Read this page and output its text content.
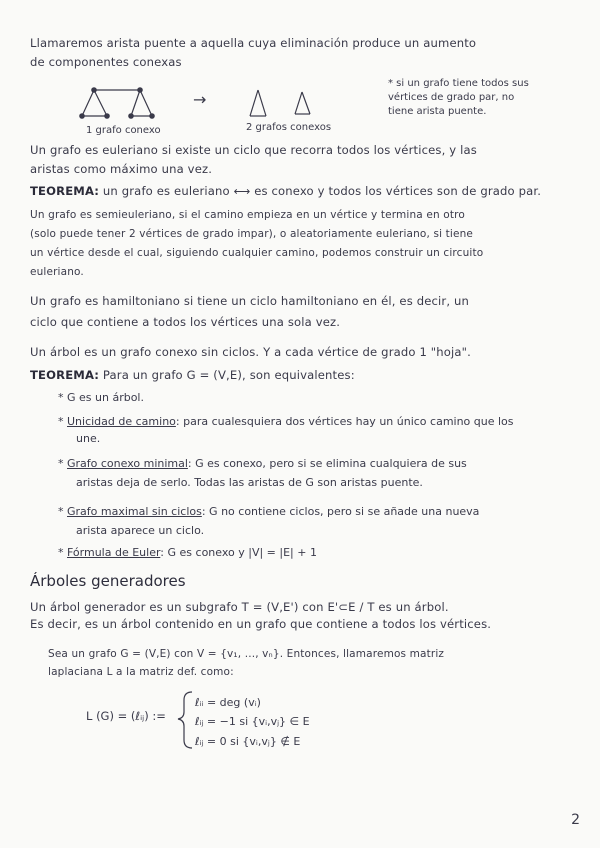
Llamaremos arista puente a aquella cuya eliminación produce un aumento
de componentes conexas
→
1 grafo conexo	2 grafos conexos
* si un grafo tiene todos sus
vértices de grado par, no
tiene arista puente.
Un grafo es euleriano si existe un ciclo que recorra todos los vértices, y las
aristas como máximo una vez.
TEOREMA: un grafo es euleriano ⟷ es conexo y todos los vértices son de grado par.
Un grafo es semieuleriano, si el camino empieza en un vértice y termina en otro
(solo puede tener 2 vértices de grado impar), o aleatoriamente euleriano, si tiene
un vértice desde el cual, siguiendo cualquier camino, podemos construir un circuito
euleriano.
Un grafo es hamiltoniano si tiene un ciclo hamiltoniano en él, es decir, un
ciclo que contiene a todos los vértices una sola vez.
Un árbol es un grafo conexo sin ciclos. Y a cada vértice de grado 1 "hoja".
TEOREMA: Para un grafo G = (V,E), son equivalentes:
* G es un árbol.
* Unicidad de camino: para cualesquiera dos vértices hay un único camino que los
une.
* Grafo conexo minimal: G es conexo, pero si se elimina cualquiera de sus
aristas deja de serlo. Todas las aristas de G son aristas puente.
* Grafo maximal sin ciclos: G no contiene ciclos, pero si se añade una nueva
arista aparece un ciclo.
* Fórmula de Euler: G es conexo y |V| = |E| + 1
Árboles generadores
Un árbol generador es un subgrafo T = (V,E') con E'⊂E / T es un árbol.
Es decir, es un árbol contenido en un grafo que contiene a todos los vértices.
Sea un grafo G = (V,E) con V = {v₁, ..., vₙ}. Entonces, llamaremos matriz
laplaciana L a la matriz def. como:
L (G) = (ℓᵢⱼ) :=
ℓᵢᵢ = deg (vᵢ)
ℓᵢⱼ = −1 si {vᵢ,vⱼ} ∈ E
ℓᵢⱼ = 0 si {vᵢ,vⱼ} ∉ E
2
